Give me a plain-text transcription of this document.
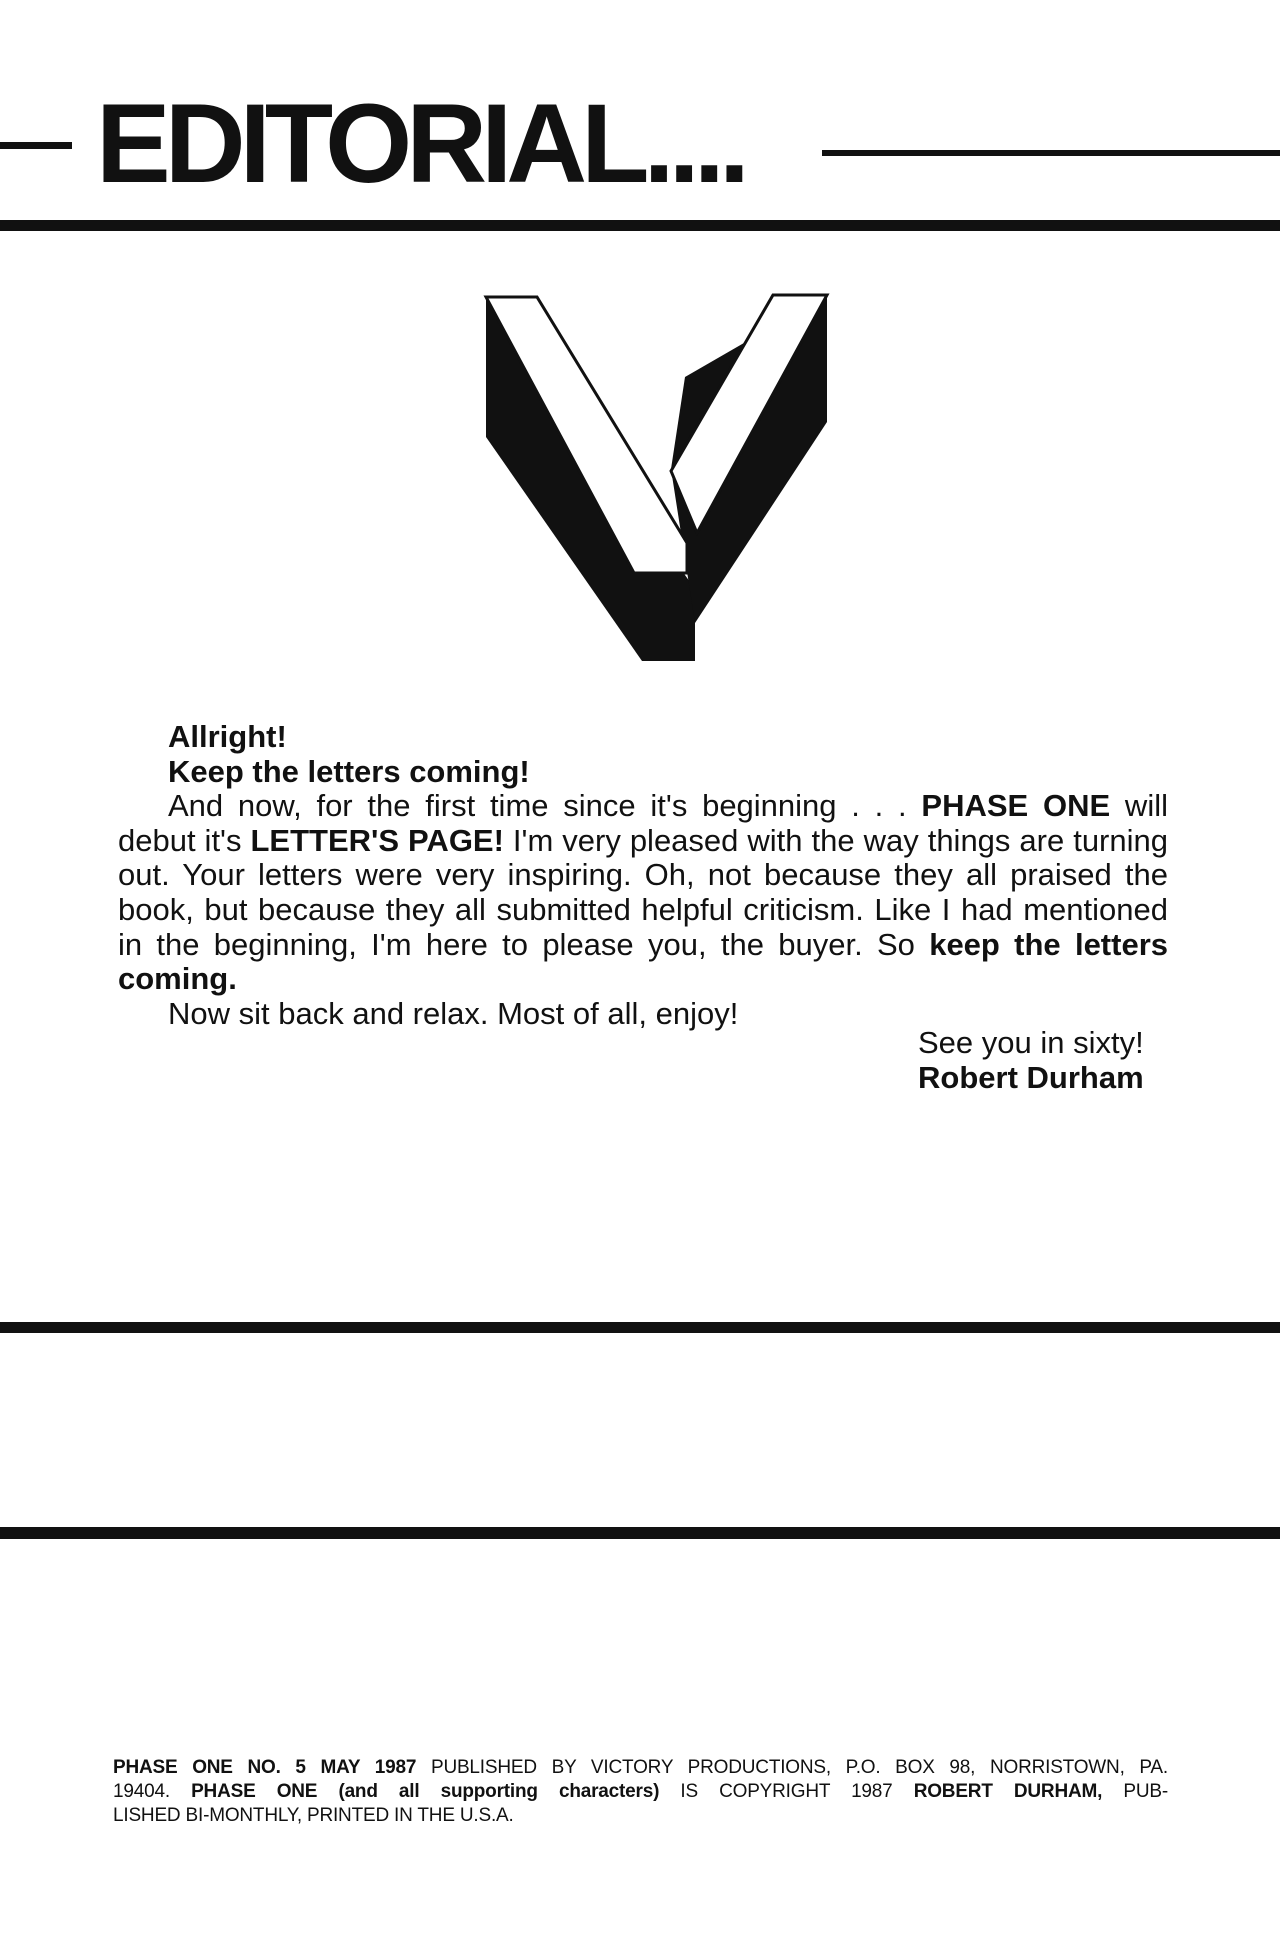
EDITORIAL....

Allright!

Keep the letters coming!

And now, for the first time since it's beginning . . . PHASE ONE will debut it's LETTER'S PAGE! I'm very pleased with the way things are turning out. Your letters were very inspiring. Oh, not because they all praised the book, but because they all submitted helpful criticism. Like I had mentioned in the beginning, I'm here to please you, the buyer. So keep the letters coming.

Now sit back and relax. Most of all, enjoy!

See you in sixty!
Robert Durham

PHASE ONE NO. 5 MAY 1987 PUBLISHED BY VICTORY PRODUCTIONS, P.O. BOX 98, NORRISTOWN, PA.

19404. PHASE ONE (and all supporting characters) IS COPYRIGHT 1987 ROBERT DURHAM, PUB-

LISHED BI-MONTHLY, PRINTED IN THE U.S.A.
